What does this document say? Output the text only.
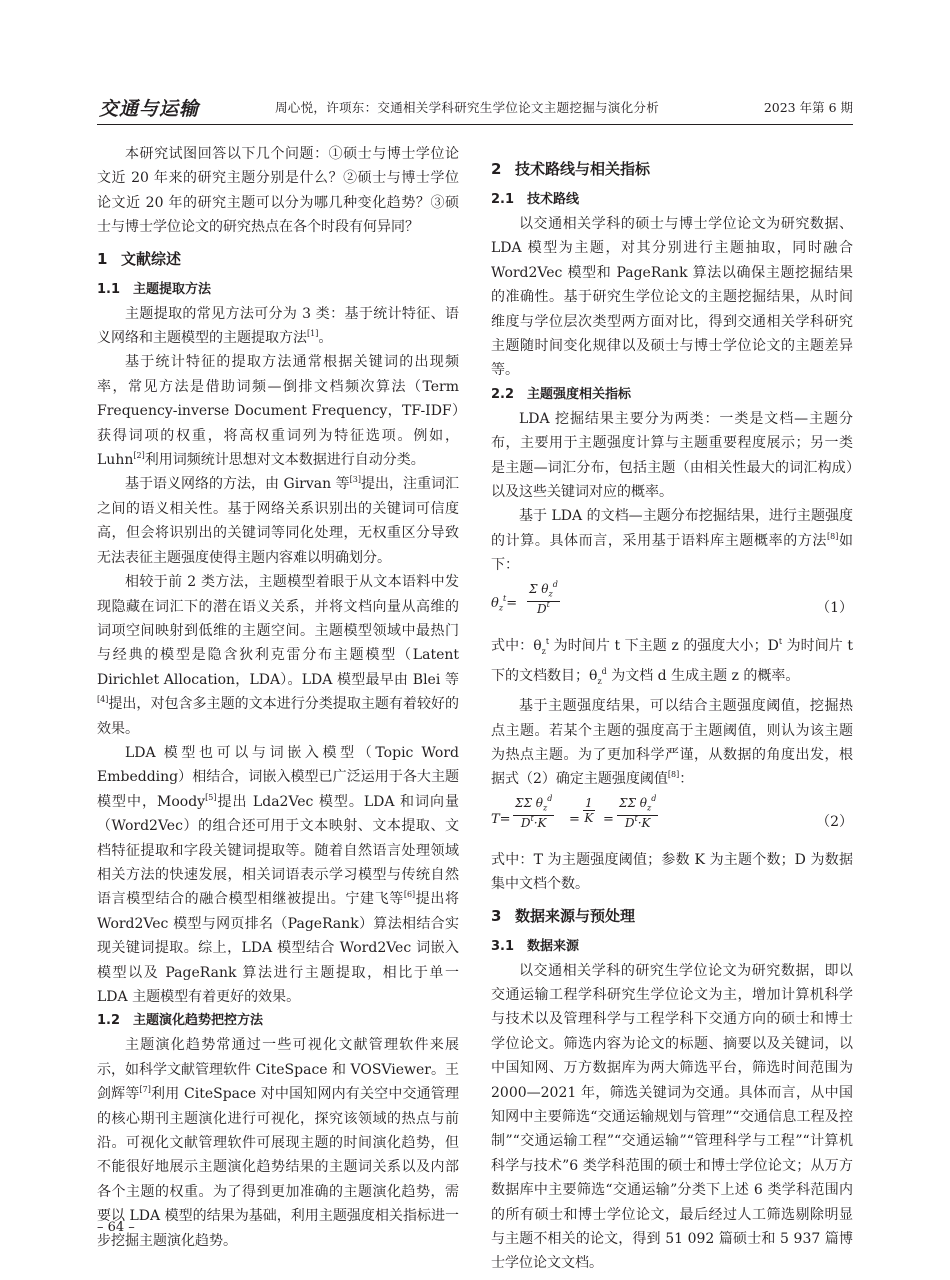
交通与运输	周心悦，许项东：交通相关学科研究生学位论文主题挖掘与演化分析	2023 年第 6 期

本研究试图回答以下几个问题：①硕士与博士学位论文近 20 年来的研究主题分别是什么？②硕士与博士学位论文近 20 年的研究主题可以分为哪几种变化趋势？③硕士与博士学位论文的研究热点在各个时段有何异同？

1 文献综述
1.1 主题提取方法

主题提取的常见方法可分为 3 类：基于统计特征、语义网络和主题模型的主题提取方法[1]。

基于统计特征的提取方法通常根据关键词的出现频率，常见方法是借助词频—倒排文档频次算法（Term Frequency-inverse Document Frequency，TF-IDF）获得词项的权重，将高权重词列为特征选项。例如，Luhn[2]利用词频统计思想对文本数据进行自动分类。

基于语义网络的方法，由 Girvan 等[3]提出，注重词汇之间的语义相关性。基于网络关系识别出的关键词可信度高，但会将识别出的关键词等同化处理，无权重区分导致无法表征主题强度使得主题内容难以明确划分。

相较于前 2 类方法，主题模型着眼于从文本语料中发现隐藏在词汇下的潜在语义关系，并将文档向量从高维的词项空间映射到低维的主题空间。主题模型领域中最热门与经典的模型是隐含狄利克雷分布主题模型（Latent Dirichlet Allocation，LDA）。LDA 模型最早由 Blei 等[4]提出，对包含多主题的文本进行分类提取主题有着较好的效果。

LDA 模型也可以与词嵌入模型（Topic Word Embedding）相结合，词嵌入模型已广泛运用于各大主题模型中，Moody[5]提出 Lda2Vec 模型。LDA 和词向量（Word2Vec）的组合还可用于文本映射、文本提取、文档特征提取和字段关键词提取等。随着自然语言处理领域相关方法的快速发展，相关词语表示学习模型与传统自然语言模型结合的融合模型相继被提出。宁建飞等[6]提出将 Word2Vec 模型与网页排名（PageRank）算法相结合实现关键词提取。综上，LDA 模型结合 Word2Vec 词嵌入模型以及 PageRank 算法进行主题提取，相比于单一 LDA 主题模型有着更好的效果。

1.2 主题演化趋势把控方法

主题演化趋势常通过一些可视化文献管理软件来展示，如科学文献管理软件 CiteSpace 和 VOSViewer。王剑辉等[7]利用 CiteSpace 对中国知网内有关空中交通管理的核心期刊主题演化进行可视化，探究该领域的热点与前沿。可视化文献管理软件可展现主题的时间演化趋势，但不能很好地展示主题演化趋势结果的主题词关系以及内部各个主题的权重。为了得到更加准确的主题演化趋势，需要以 LDA 模型的结果为基础，利用主题强度相关指标进一步挖掘主题演化趋势。

2 技术路线与相关指标
2.1 技术路线

以交通相关学科的硕士与博士学位论文为研究数据、LDA 模型为主题，对其分别进行主题抽取，同时融合 Word2Vec 模型和 PageRank 算法以确保主题挖掘结果的准确性。基于研究生学位论文的主题挖掘结果，从时间维度与学位层次类型两方面对比，得到交通相关学科研究主题随时间变化规律以及硕士与博士学位论文的主题差异等。

2.2 主题强度相关指标

LDA 挖掘结果主要分为两类：一类是文档—主题分布，主要用于主题强度计算与主题重要程度展示；另一类是主题—词汇分布，包括主题（由相关性最大的词汇构成）以及这些关键词对应的概率。

基于 LDA 的文档—主题分布挖掘结果，进行主题强度的计算。具体而言，采用基于语料库主题概率的方法[8]如下：

$\theta_z^t=$
Σ $\theta_z^d$
$D^t$	（1）

式中：$\theta_z^t$ 为时间片 t 下主题 z 的强度大小；$D^t$ 为时间片 t 下的文档数目；$\theta_z^d$ 为文档 d 生成主题 z 的概率。

基于主题强度结果，可以结合主题强度阈值，挖掘热点主题。若某个主题的强度高于主题阈值，则认为该主题为热点主题。为了更加科学严谨，从数据的角度出发，根据式（2）确定主题强度阈值[8]：

T=
ΣΣ $\theta_z^d$
$D^t\cdot K$	= $\frac{1}{K}$ =
ΣΣ $\theta_z^d$
$D^t\cdot K$	（2）

式中：T 为主题强度阈值；参数 K 为主题个数；D 为数据集中文档个数。

3 数据来源与预处理
3.1 数据来源

以交通相关学科的研究生学位论文为研究数据，即以交通运输工程学科研究生学位论文为主，增加计算机科学与技术以及管理科学与工程学科下交通方向的硕士和博士学位论文。筛选内容为论文的标题、摘要以及关键词，以中国知网、万方数据库为两大筛选平台，筛选时间范围为 2000—2021 年，筛选关键词为交通。具体而言，从中国知网中主要筛选“交通运输规划与管理”“交通信息工程及控制”“交通运输工程”“交通运输”“管理科学与工程”“计算机科学与技术”6 类学科范围的硕士和博士学位论文；从万方数据库中主要筛选“交通运输”分类下上述 6 类学科范围内的所有硕士和博士学位论文，最后经过人工筛选剔除明显与主题不相关的论文，得到 51 092 篇硕士和 5 937 篇博士学位论文文档。

– 64 –
